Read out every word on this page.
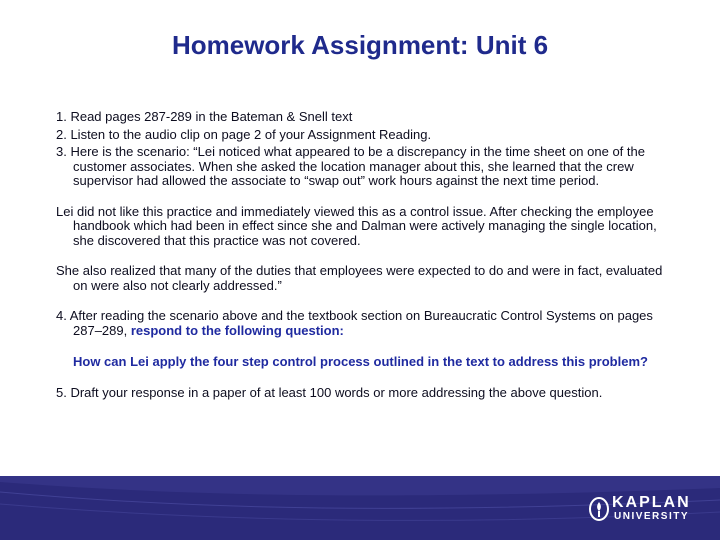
Homework Assignment: Unit 6

1. Read pages 287-289 in the Bateman & Snell text

2. Listen to the audio clip on page 2 of your Assignment Reading.

3. Here is the scenario: “Lei noticed what appeared to be a discrepancy in the time sheet on one of the customer associates. When she asked the location manager about this, she learned that the crew supervisor had allowed the associate to “swap out” work hours against the next time period.

Lei did not like this practice and immediately viewed this as a control issue. After checking the employee handbook which had been in effect since she and Dalman were actively managing the single location, she discovered that this practice was not covered.

She also realized that many of the duties that employees were expected to do and were in fact, evaluated on were also not clearly addressed.”

4. After reading the scenario above and the textbook section on Bureaucratic Control Systems on pages 287–289, respond to the following question:

How can Lei apply the four step control process outlined in the text to address this problem?

5. Draft your response in a paper of at least 100 words or more addressing the above question.

KAPLAN
UNIVERSITY
